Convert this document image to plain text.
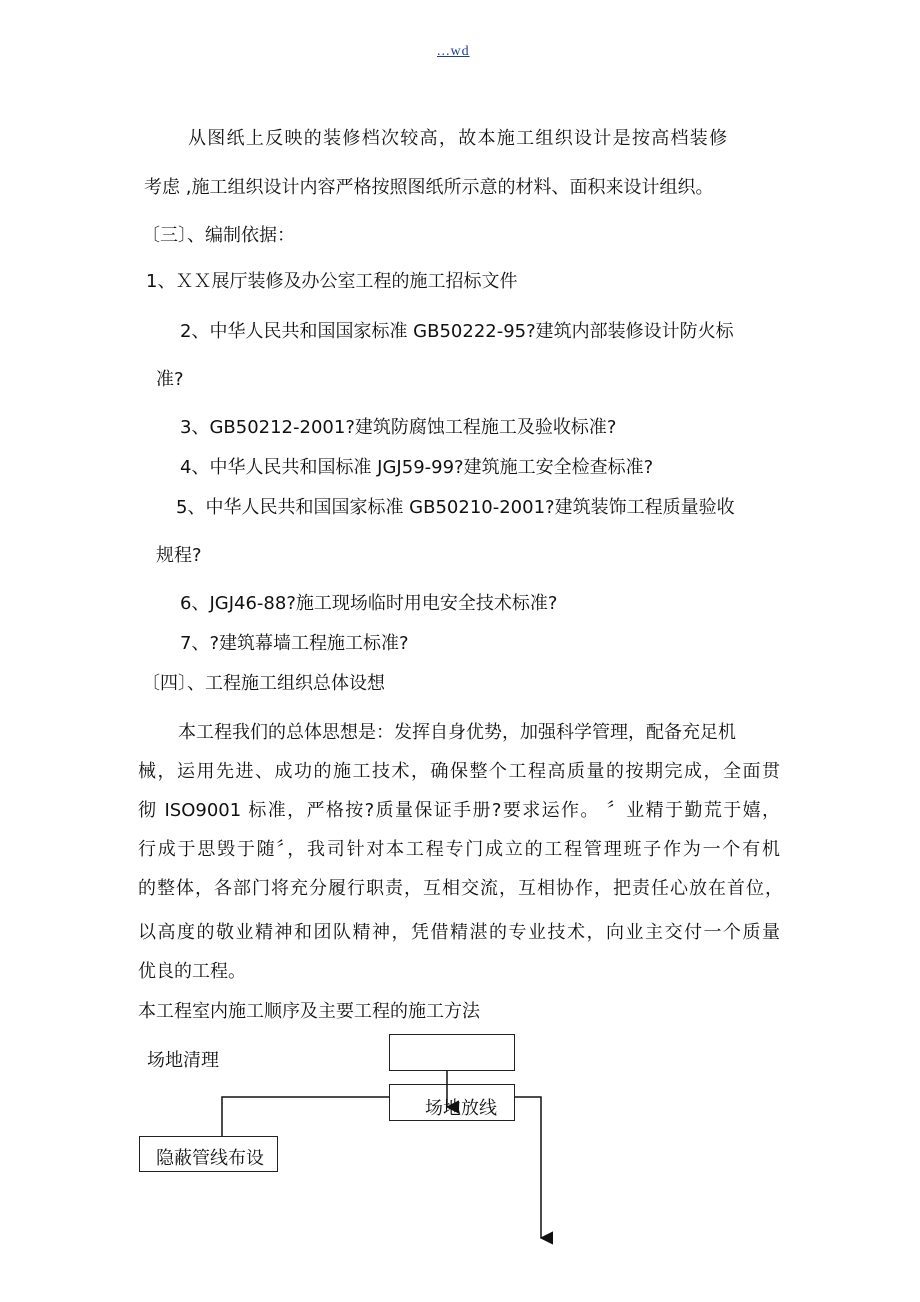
...wd
从图纸上反映的装修档次较高，故本施工组织设计是按高档装修
考虑 ,施工组织设计内容严格按照图纸所示意的材料、面积来设计组织。
〔三〕、编制依据：
1、ＸＸ展厅装修及办公室工程的施工招标文件
2、中华人民共和国国家标准 GB50222-95?建筑内部装修设计防火标
准?
3、GB50212-2001?建筑防腐蚀工程施工及验收标准?
4、中华人民共和国标准 JGJ59-99?建筑施工安全检查标准?
5、中华人民共和国国家标准 GB50210-2001?建筑装饰工程质量验收
规程?
6、JGJ46-88?施工现场临时用电安全技术标准?
7、?建筑幕墙工程施工标准?
〔四〕、工程施工组织总体设想
本工程我们的总体思想是：发挥自身优势，加强科学管理，配备充足机
械，运用先进、成功的施工技术，确保整个工程高质量的按期完成，全面贯
彻 ISO9001 标准，严格按?质量保证手册?要求运作。 〞业精于勤荒于嬉，
行成于思毁于随〞，我司针对本工程专门成立的工程管理班子作为一个有机
的整体，各部门将充分履行职责，互相交流，互相协作，把责任心放在首位，
以高度的敬业精神和团队精神，凭借精湛的专业技术，向业主交付一个质量
优良的工程。
本工程室内施工顺序及主要工程的施工方法
场地清理
场地放线
隐蔽管线布设
